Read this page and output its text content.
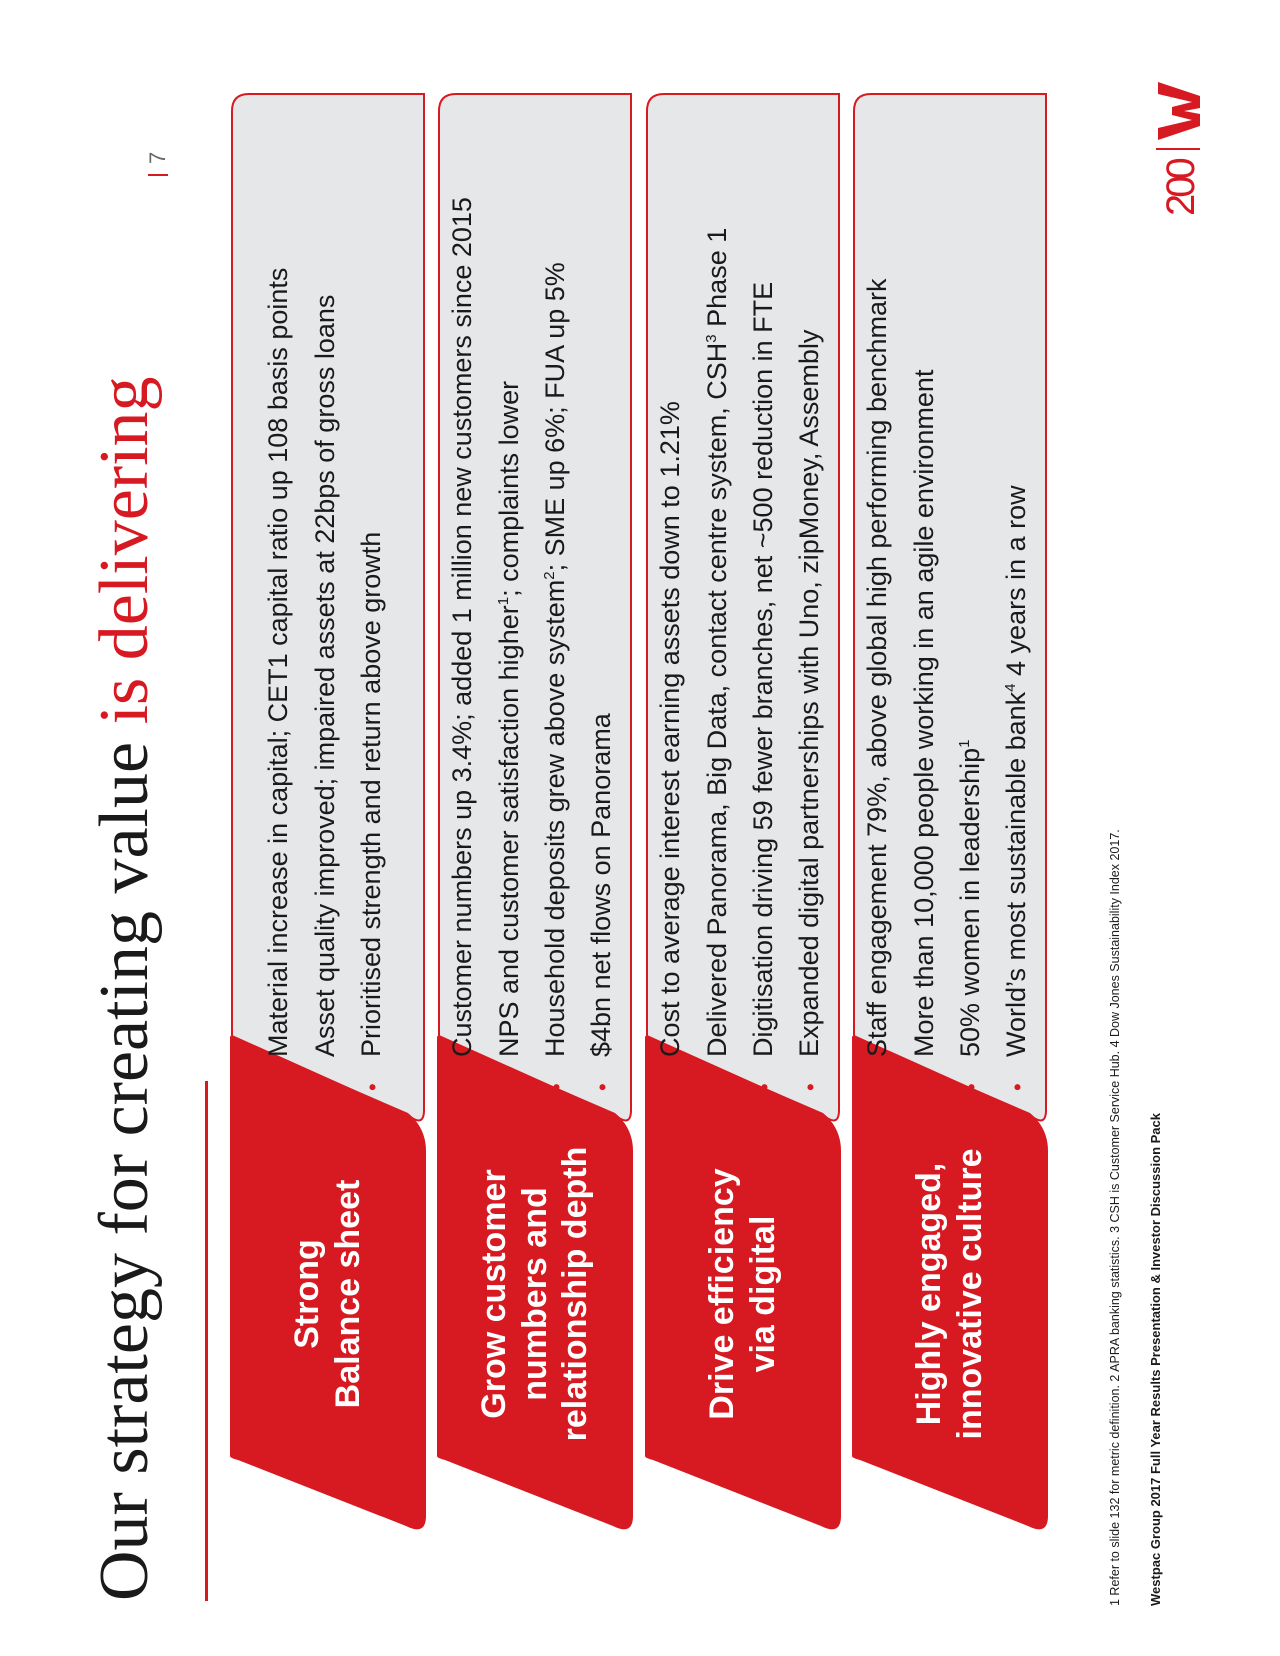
Our strategy for creating value is delivering
7
Strong Balance sheet
•
Material increase in capital; CET1 capital ratio up 108 basis points
•
Asset quality improved; impaired assets at 22bps of gross loans
•
Prioritised strength and return above growth
Grow customer numbers and relationship depth
•
Customer numbers up 3.4%; added 1 million new customers since 2015
•
NPS and customer satisfaction higher$^1$; complaints lower
•
Household deposits grew above system$^2$; SME up 6%; FUA up 5%
•
$4bn net flows on Panorama
Drive efficiency via digital
•
Cost to average interest earning assets down to 1.21%
•
Delivered Panorama, Big Data, contact centre system, CSH$^3$ Phase 1
•
Digitisation driving 59 fewer branches, net ~500 reduction in FTE
•
Expanded digital partnerships with Uno, zipMoney, Assembly
Highly engaged, innovative culture
•
Staff engagement 79%, above global high performing benchmark
•
More than 10,000 people working in an agile environment
•
50% women in leadership$^1$
•
World’s most sustainable bank$^4$ 4 years in a row

1 Refer to slide 132 for metric definition. 2 APRA banking statistics. 3 CSH is Customer Service Hub. 4 Dow Jones Sustainability Index 2017. Westpac Group 2017 Full Year Results Presentation & Investor Discussion Pack

200
